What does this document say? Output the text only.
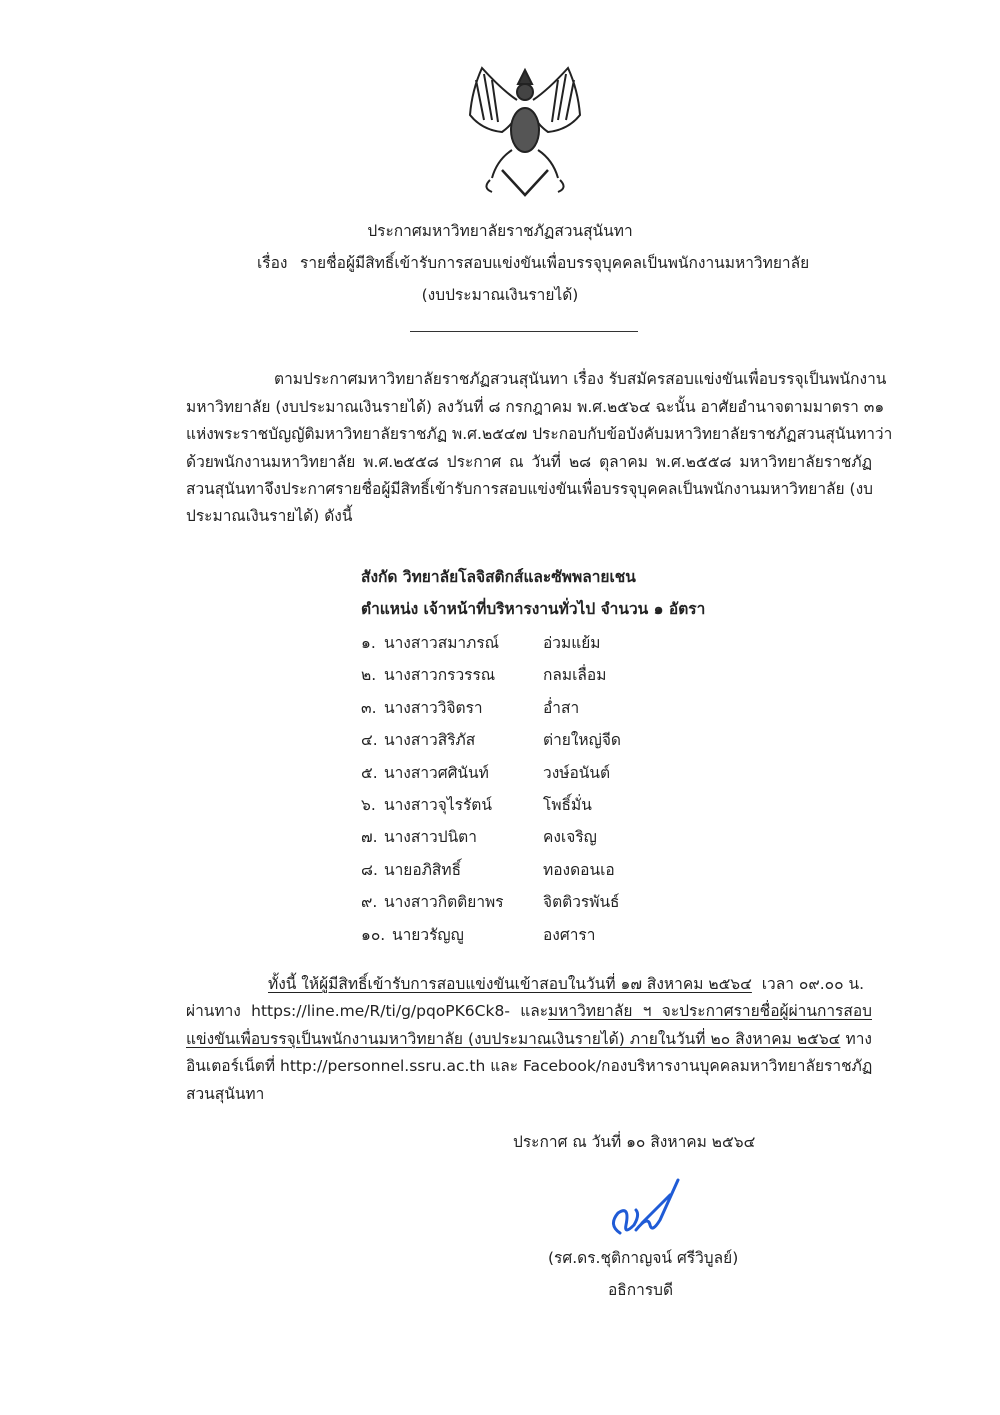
ประกาศมหาวิทยาลัยราชภัฏสวนสุนันทา
เรื่อง รายชื่อผู้มีสิทธิ์เข้ารับการสอบแข่งขันเพื่อบรรจุบุคคลเป็นพนักงานมหาวิทยาลัย
(งบประมาณเงินรายได้)
ตามประกาศมหาวิทยาลัยราชภัฏสวนสุนันทา เรื่อง รับสมัครสอบแข่งขันเพื่อบรรจุเป็นพนักงาน
มหาวิทยาลัย (งบประมาณเงินรายได้) ลงวันที่ ๘ กรกฎาคม พ.ศ.๒๕๖๔ ฉะนั้น อาศัยอำนาจตามมาตรา ๓๑
แห่งพระราชบัญญัติมหาวิทยาลัยราชภัฏ พ.ศ.๒๕๔๗ ประกอบกับข้อบังคับมหาวิทยาลัยราชภัฏสวนสุนันทาว่า
ด้วยพนักงานมหาวิทยาลัย พ.ศ.๒๕๕๘ ประกาศ ณ วันที่ ๒๘ ตุลาคม พ.ศ.๒๕๕๘ มหาวิทยาลัยราชภัฏ
สวนสุนันทาจึงประกาศรายชื่อผู้มีสิทธิ์เข้ารับการสอบแข่งขันเพื่อบรรจุบุคคลเป็นพนักงานมหาวิทยาลัย (งบ
ประมาณเงินรายได้) ดังนี้
สังกัด วิทยาลัยโลจิสติกส์และซัพพลายเชน
ตำแหน่ง เจ้าหน้าที่บริหารงานทั่วไป จำนวน ๑ อัตรา
๑. นางสาวสมาภรณ์	อ่วมแย้ม
๒. นางสาวกรวรรณ	กลมเลื่อม
๓. นางสาววิจิตรา	อ่ำสา
๔. นางสาวสิริภัส	ต่ายใหญ่จีด
๕. นางสาวศศินันท์	วงษ์อนันต์
๖. นางสาวจุไรรัตน์	โพธิ์มั่น
๗. นางสาวปนิตา	คงเจริญ
๘. นายอภิสิทธิ์	ทองดอนเอ
๙. นางสาวกิตติยาพร	จิตติวรพันธ์
๑๐. นายวรัญญู	องศารา
ทั้งนี้ ให้ผู้มีสิทธิ์เข้ารับการสอบแข่งขันเข้าสอบในวันที่ ๑๗ สิงหาคม ๒๕๖๔ เวลา ๐๙.๐๐ น.
ผ่านทาง https://line.me/R/ti/g/pqoPK6Ck8- และมหาวิทยาลัย ฯ จะประกาศรายชื่อผู้ผ่านการสอบ
แข่งขันเพื่อบรรจุเป็นพนักงานมหาวิทยาลัย (งบประมาณเงินรายได้) ภายในวันที่ ๒๐ สิงหาคม ๒๕๖๔ ทาง
อินเตอร์เน็ตที่ http://personnel.ssru.ac.th และ Facebook/กองบริหารงานบุคคลมหาวิทยาลัยราชภัฏ
สวนสุนันทา
ประกาศ ณ วันที่ ๑๐ สิงหาคม ๒๕๖๔
(รศ.ดร.ชุติกาญจน์ ศรีวิบูลย์)
อธิการบดี
